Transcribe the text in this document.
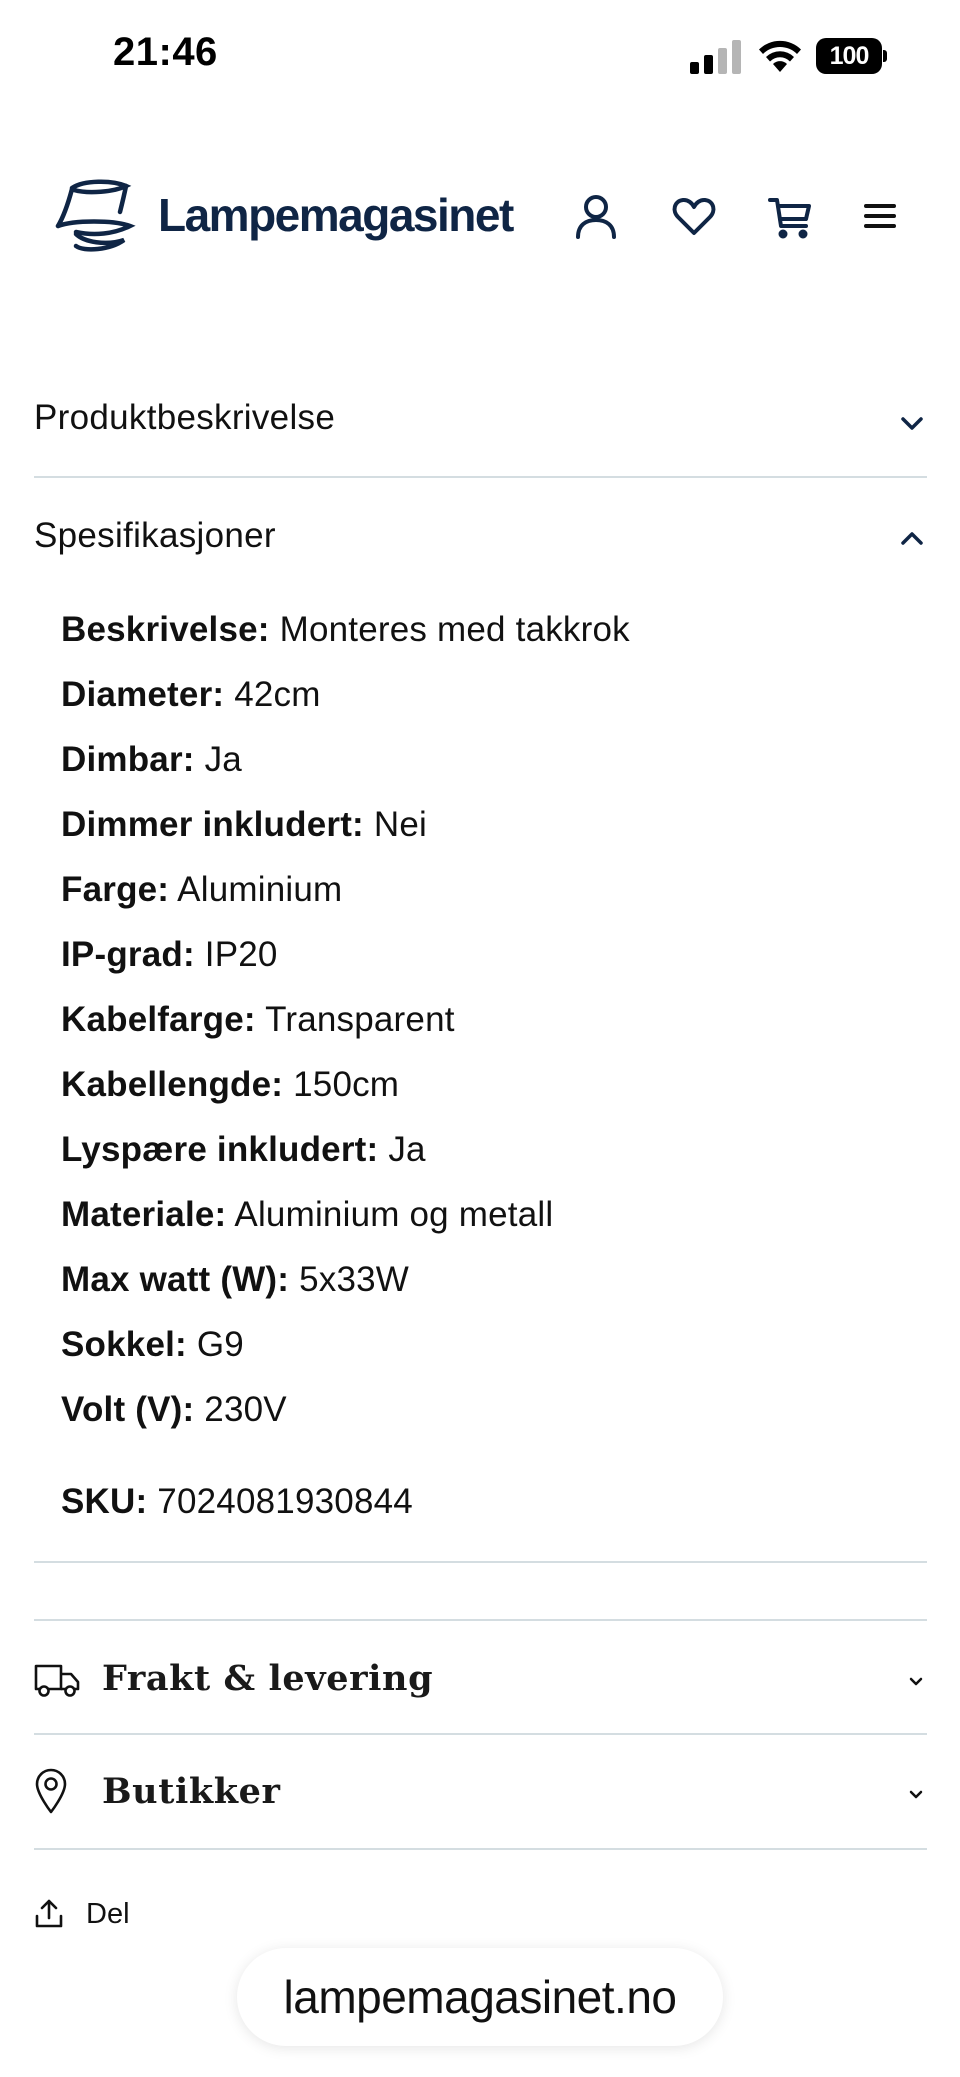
21:46	100
Lampemagasinet
Produktbeskrivelse
Spesifikasjoner
Beskrivelse: Monteres med takkrok
Diameter: 42cm
Dimbar: Ja
Dimmer inkludert: Nei
Farge: Aluminium
IP-grad: IP20
Kabelfarge: Transparent
Kabellengde: 150cm
Lyspære inkludert: Ja
Materiale: Aluminium og metall
Max watt (W): 5x33W
Sokkel: G9
Volt (V): 230V
SKU: 7024081930844
Frakt & levering
Butikker
Del
lampemagasinet.no
